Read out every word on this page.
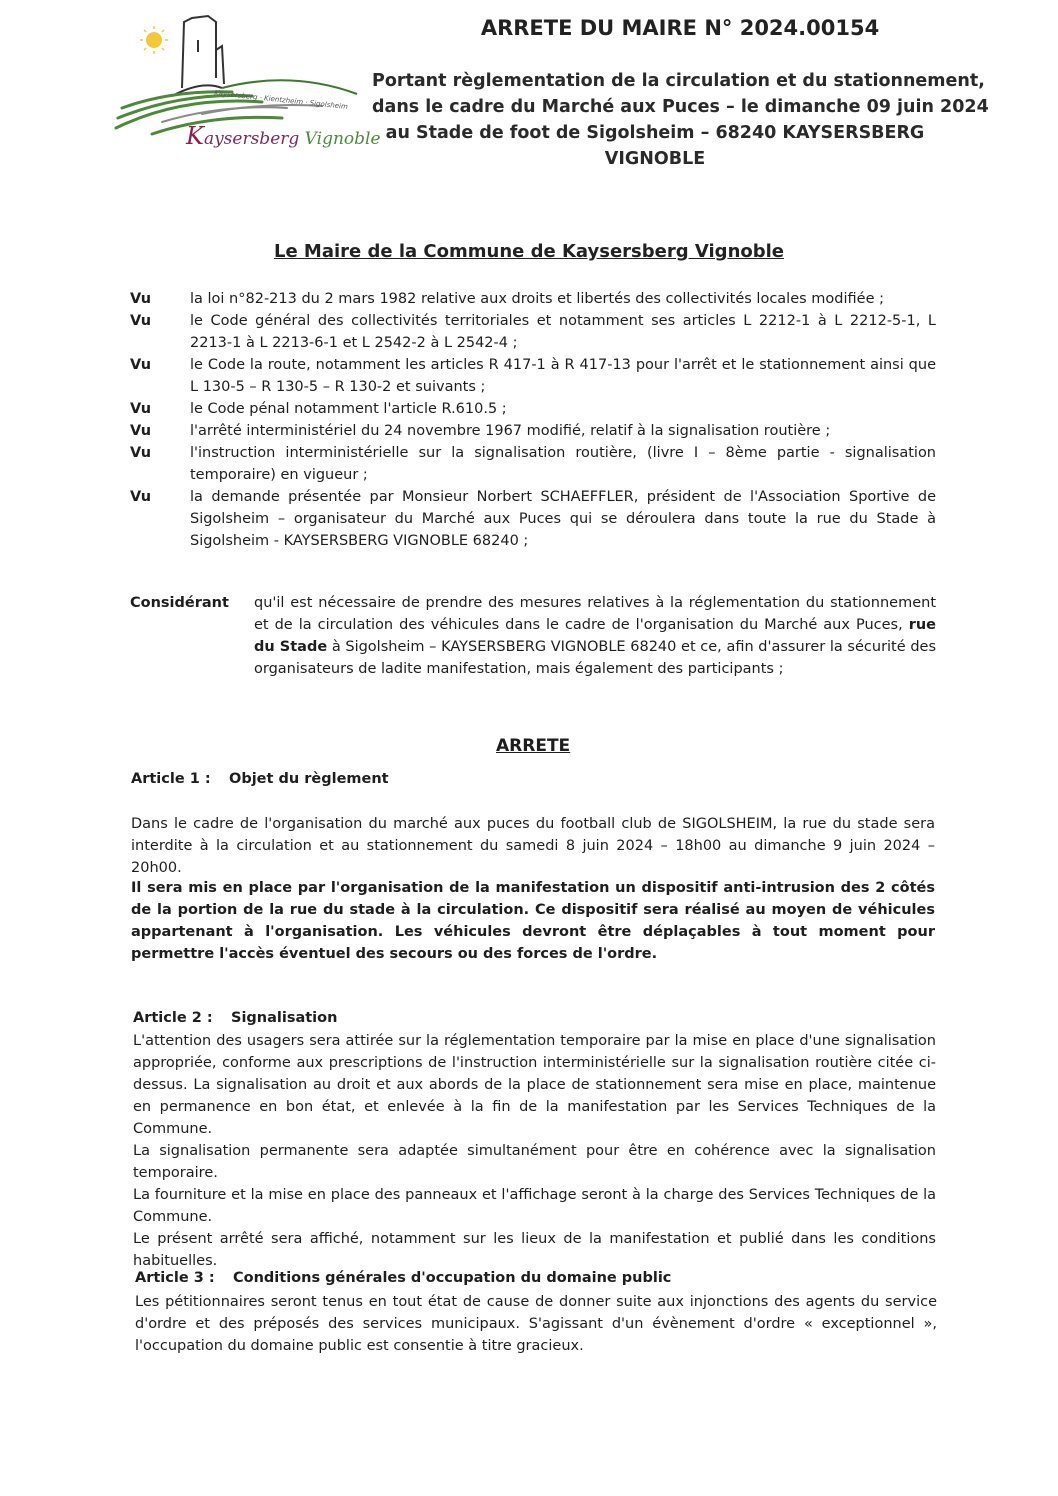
Kaysersberg · Kientzheim · Sigolsheim
Kaysersberg Vignoble
ARRETE DU MAIRE N° 2024.00154
Portant règlementation de la circulation et du stationnement,
dans le cadre du Marché aux Puces – le dimanche 09 juin 2024
au Stade de foot de Sigolsheim – 68240 KAYSERSBERG
VIGNOBLE
Le Maire de la Commune de Kaysersberg Vignoble
Vu	la loi n°82-213 du 2 mars 1982 relative aux droits et libertés des collectivités locales modifiée ;
Vu	le Code général des collectivités territoriales et notamment ses articles L 2212-1 à L 2212-5-1, L 2213-1 à L 2213-6-1 et L 2542-2 à L 2542-4 ;
Vu	le Code la route, notamment les articles R 417-1 à R 417-13 pour l'arrêt et le stationnement ainsi que L 130-5 – R 130-5 – R 130-2 et suivants ;
Vu	le Code pénal notamment l'article R.610.5 ;
Vu	l'arrêté interministériel du 24 novembre 1967 modifié, relatif à la signalisation routière ;
Vu	l'instruction interministérielle sur la signalisation routière, (livre I – 8ème partie - signalisation temporaire) en vigueur ;
Vu	la demande présentée par Monsieur Norbert SCHAEFFLER, président de l'Association Sportive de Sigolsheim – organisateur du Marché aux Puces qui se déroulera dans toute la rue du Stade à Sigolsheim - KAYSERSBERG VIGNOBLE 68240 ;
Considérant	qu'il est nécessaire de prendre des mesures relatives à la réglementation du stationnement et de la circulation des véhicules dans le cadre de l'organisation du Marché aux Puces, rue du Stade à Sigolsheim – KAYSERSBERG VIGNOBLE 68240 et ce, afin d'assurer la sécurité des organisateurs de ladite manifestation, mais également des participants ;
ARRETE
Article 1 : Objet du règlement
Dans le cadre de l'organisation du marché aux puces du football club de SIGOLSHEIM, la rue du stade sera interdite à la circulation et au stationnement du samedi 8 juin 2024 – 18h00 au dimanche 9 juin 2024 – 20h00.
Il sera mis en place par l'organisation de la manifestation un dispositif anti-intrusion des 2 côtés de la portion de la rue du stade à la circulation. Ce dispositif sera réalisé au moyen de véhicules appartenant à l'organisation. Les véhicules devront être déplaçables à tout moment pour permettre l'accès éventuel des secours ou des forces de l'ordre.
Article 2 : Signalisation
L'attention des usagers sera attirée sur la réglementation temporaire par la mise en place d'une signalisation appropriée, conforme aux prescriptions de l'instruction interministérielle sur la signalisation routière citée ci-dessus. La signalisation au droit et aux abords de la place de stationnement sera mise en place, maintenue en permanence en bon état, et enlevée à la fin de la manifestation par les Services Techniques de la Commune.
La signalisation permanente sera adaptée simultanément pour être en cohérence avec la signalisation temporaire.
La fourniture et la mise en place des panneaux et l'affichage seront à la charge des Services Techniques de la Commune.
Le présent arrêté sera affiché, notamment sur les lieux de la manifestation et publié dans les conditions habituelles.
Article 3 : Conditions générales d'occupation du domaine public
Les pétitionnaires seront tenus en tout état de cause de donner suite aux injonctions des agents du service d'ordre et des préposés des services municipaux. S'agissant d'un évènement d'ordre « exceptionnel », l'occupation du domaine public est consentie à titre gracieux.
